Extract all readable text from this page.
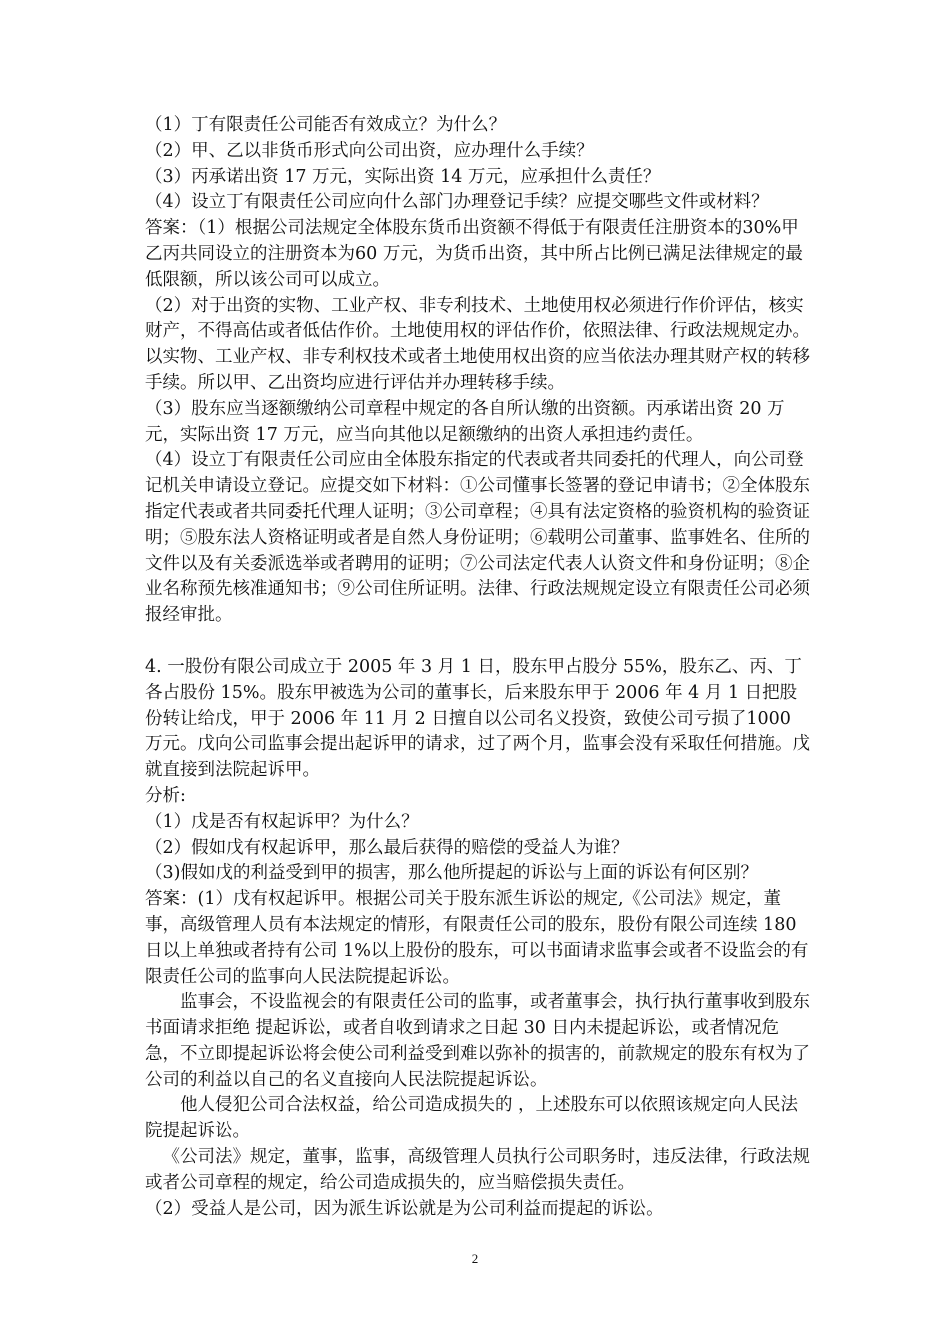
（1）丁有限责任公司能否有效成立？为什么？

（2）甲、乙以非货币形式向公司出资，应办理什么手续？

（3）丙承诺出资 17 万元，实际出资 14 万元，应承担什么责任？

（4）设立丁有限责任公司应向什么部门办理登记手续？应提交哪些文件或材料？

答案：（1）根据公司法规定全体股东货币出资额不得低于有限责任注册资本的30%甲乙丙共同设立的注册资本为60 万元，为货币出资，其中所占比例已满足法律规定的最低限额，所以该公司可以成立。

（2）对于出资的实物、工业产权、非专利技术、土地使用权必须进行作价评估，核实财产，不得高估或者低估作价。土地使用权的评估作价，依照法律、行政法规规定办。以实物、工业产权、非专利权技术或者土地使用权出资的应当依法办理其财产权的转移手续。所以甲、乙出资均应进行评估并办理转移手续。

（3）股东应当逐额缴纳公司章程中规定的各自所认缴的出资额。丙承诺出资 20 万元，实际出资 17 万元，应当向其他以足额缴纳的出资人承担违约责任。

（4）设立丁有限责任公司应由全体股东指定的代表或者共同委托的代理人，向公司登记机关申请设立登记。应提交如下材料：①公司懂事长签署的登记申请书；②全体股东指定代表或者共同委托代理人证明；③公司章程；④具有法定资格的验资机构的验资证明；⑤股东法人资格证明或者是自然人身份证明；⑥载明公司董事、监事姓名、住所的文件以及有关委派选举或者聘用的证明；⑦公司法定代表人认资文件和身份证明；⑧企业名称预先核准通知书；⑨公司住所证明。法律、行政法规规定设立有限责任公司必须报经审批。

4. 一股份有限公司成立于 2005 年 3 月 1 日，股东甲占股分 55%，股东乙、丙、丁各占股份 15%。股东甲被选为公司的董事长，后来股东甲于 2006 年 4 月 1 日把股份转让给戊，甲于 2006 年 11 月 2 日擅自以公司名义投资，致使公司亏损了1000 万元。戊向公司监事会提出起诉甲的请求，过了两个月，监事会没有采取任何措施。戊就直接到法院起诉甲。

分析:

（1）戊是否有权起诉甲？为什么？

（2）假如戊有权起诉甲，那么最后获得的赔偿的受益人为谁？

（3)假如戊的利益受到甲的损害，那么他所提起的诉讼与上面的诉讼有何区别？

答案：(1）戊有权起诉甲。根据公司关于股东派生诉讼的规定,《公司法》规定，董事，高级管理人员有本法规定的情形，有限责任公司的股东，股份有限公司连续 180 日以上单独或者持有公司 1%以上股份的股东，可以书面请求监事会或者不设监会的有限责任公司的监事向人民法院提起诉讼。

监事会，不设监视会的有限责任公司的监事，或者董事会，执行执行董事收到股东书面请求拒绝 提起诉讼，或者自收到请求之日起 30 日内未提起诉讼，或者情况危急，不立即提起诉讼将会使公司利益受到难以弥补的损害的，前款规定的股东有权为了公司的利益以自己的名义直接向人民法院提起诉讼。

他人侵犯公司合法权益，给公司造成损失的 ，上述股东可以依照该规定向人民法院提起诉讼。

《公司法》规定，董事，监事，高级管理人员执行公司职务时，违反法律，行政法规或者公司章程的规定，给公司造成损失的，应当赔偿损失责任。

（2）受益人是公司，因为派生诉讼就是为公司利益而提起的诉讼。

2
